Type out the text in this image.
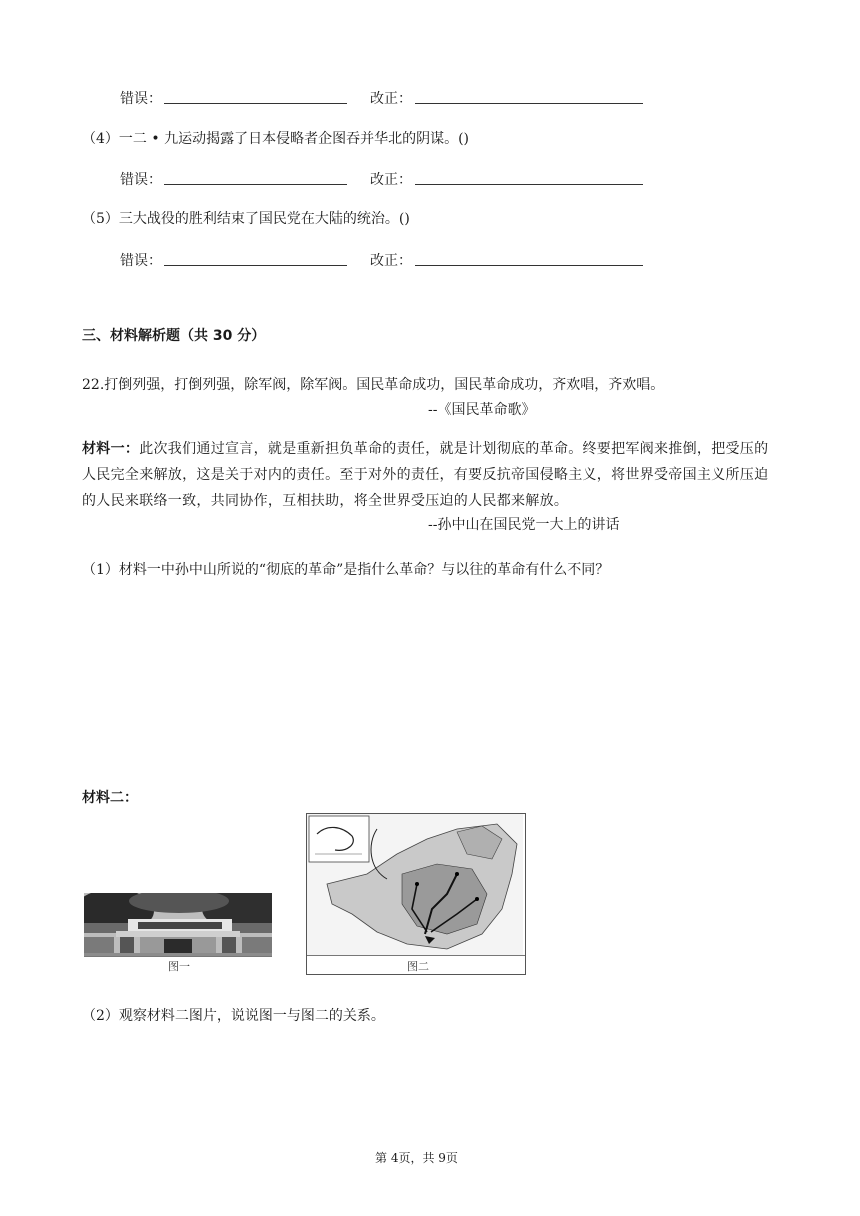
错误：	改正：
（4）一二 • 九运动揭露了日本侵略者企图吞并华北的阴谋。()
错误：	改正：
（5）三大战役的胜利结束了国民党在大陆的统治。()
错误：	改正：
三、材料解析题（共 30 分）
22.打倒列强，打倒列强，除军阀，除军阀。国民革命成功，国民革命成功，齐欢唱，齐欢唱。
--《国民革命歌》
材料一：此次我们通过宣言，就是重新担负革命的责任，就是计划彻底的革命。终要把军阀来推倒，把受压的人民完全来解放，这是关于对内的责任。至于对外的责任，有要反抗帝国侵略主义，将世界受帝国主义所压迫的人民来联络一致，共同协作，互相扶助，将全世界受压迫的人民都来解放。
--孙中山在国民党一大上的讲话
（1）材料一中孙中山所说的“彻底的革命”是指什么革命？与以往的革命有什么不同？
材料二：
图一	图二
（2）观察材料二图片，说说图一与图二的关系。
第 4页，共 9页
